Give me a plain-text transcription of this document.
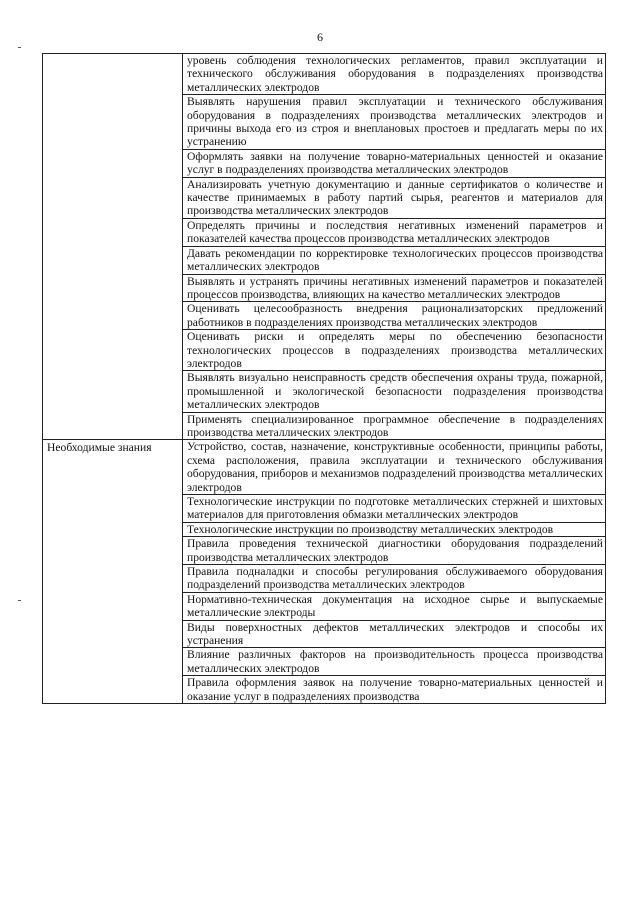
6

	уровень соблюдения технологических регламентов, правил эксплуатации и технического обслуживания оборудования в подразделениях производства металлических электродов

	Выявлять нарушения правил эксплуатации и технического обслуживания оборудования в подразделениях производства металлических электродов и причины выхода его из строя и внеплановых простоев и предлагать меры по их устранению

	Оформлять заявки на получение товарно-материальных ценностей и оказание услуг в подразделениях производства металлических электродов

	Анализировать учетную документацию и данные сертификатов о количестве и качестве принимаемых в работу партий сырья, реагентов и материалов для производства металлических электродов

	Определять причины и последствия негативных изменений параметров и показателей качества процессов производства металлических электродов

	Давать рекомендации по корректировке технологических процессов производства металлических электродов

	Выявлять и устранять причины негативных изменений параметров и показателей процессов производства, влияющих на качество металлических электродов

	Оценивать целесообразность внедрения рационализаторских предложений работников в подразделениях производства металлических электродов

	Оценивать риски и определять меры по обеспечению безопасности технологических процессов в подразделениях производства металлических электродов

	Выявлять визуально неисправность средств обеспечения охраны труда, пожарной, промышленной и экологической безопасности подразделения производства металлических электродов

	Применять специализированное программное обеспечение в подразделениях производства металлических электродов

Необходимые знания	Устройство, состав, назначение, конструктивные особенности, принципы работы, схема расположения, правила эксплуатации и технического обслуживания оборудования, приборов и механизмов подразделений производства металлических электродов

	Технологические инструкции по подготовке металлических стержней и шихтовых материалов для приготовления обмазки металлических электродов

	Технологические инструкции по производству металлических электродов

	Правила проведения технической диагностики оборудования подразделений производства металлических электродов

	Правила подналадки и способы регулирования обслуживаемого оборудования подразделений производства металлических электродов

	Нормативно-техническая документация на исходное сырье и выпускаемые металлические электроды

	Виды поверхностных дефектов металлических электродов и способы их устранения

	Влияние различных факторов на производительность процесса производства металлических электродов

	Правила оформления заявок на получение товарно-материальных ценностей и оказание услуг в подразделениях производства
